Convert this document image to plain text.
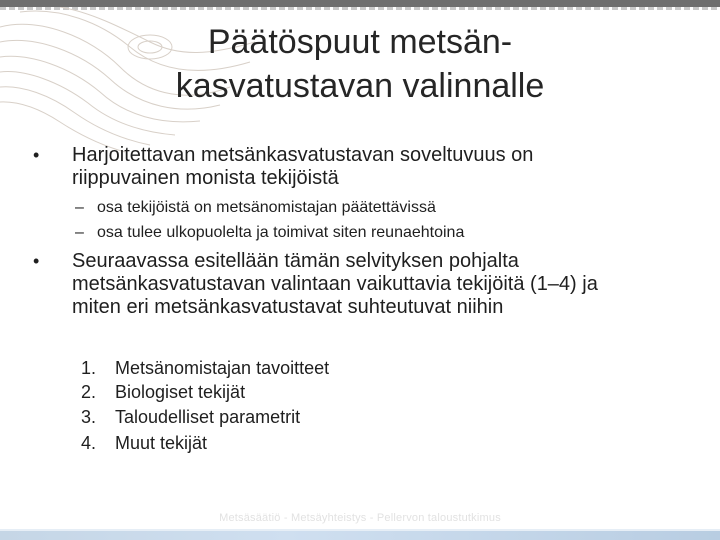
Päätöspuut metsän-
kasvatustavan valinnalle
•	Harjoitettavan metsänkasvatustavan soveltuvuus on
riippuvainen monista tekijöistä
– osa tekijöistä on metsänomistajan päätettävissä
– osa tulee ulkopuolelta ja toimivat siten reunaehtoina
•	Seuraavassa esitellään tämän selvityksen pohjalta
metsänkasvatustavan valintaan vaikuttavia tekijöitä (1–4) ja
miten eri metsänkasvatustavat suhteutuvat niihin
1. Metsänomistajan tavoitteet
2. Biologiset tekijät
3. Taloudelliset parametrit
4. Muut tekijät
Metsäsäätiö - Metsäyhteistys - Pellervon taloustutkimus
